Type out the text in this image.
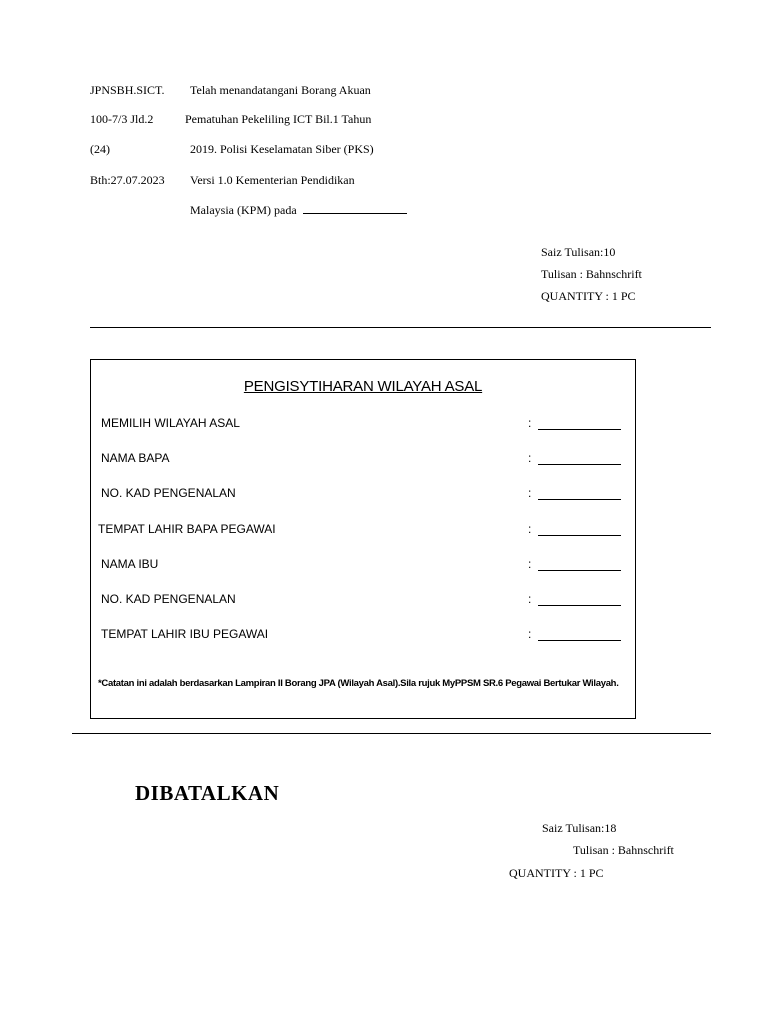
JPNSBH.SICT.
100-7/3 Jld.2
(24)
Bth:27.07.2023
Telah menandatangani Borang Akuan
Pematuhan Pekeliling ICT Bil.1 Tahun
2019. Polisi Keselamatan Siber (PKS)
Versi 1.0 Kementerian Pendidikan
Malaysia (KPM) pada
Saiz Tulisan:10
Tulisan : Bahnschrift
QUANTITY : 1 PC
PENGISYTIHARAN WILAYAH ASAL
MEMILIH WILAYAH ASAL	:
NAMA BAPA	:
NO. KAD PENGENALAN	:
TEMPAT LAHIR BAPA PEGAWAI	:
NAMA IBU	:
NO. KAD PENGENALAN	:
TEMPAT LAHIR IBU PEGAWAI	:
*Catatan ini adalah berdasarkan Lampiran II Borang JPA (Wilayah Asal).Sila rujuk MyPPSM SR.6 Pegawai Bertukar Wilayah.
DIBATALKAN
Saiz Tulisan:18
Tulisan : Bahnschrift
QUANTITY : 1 PC
